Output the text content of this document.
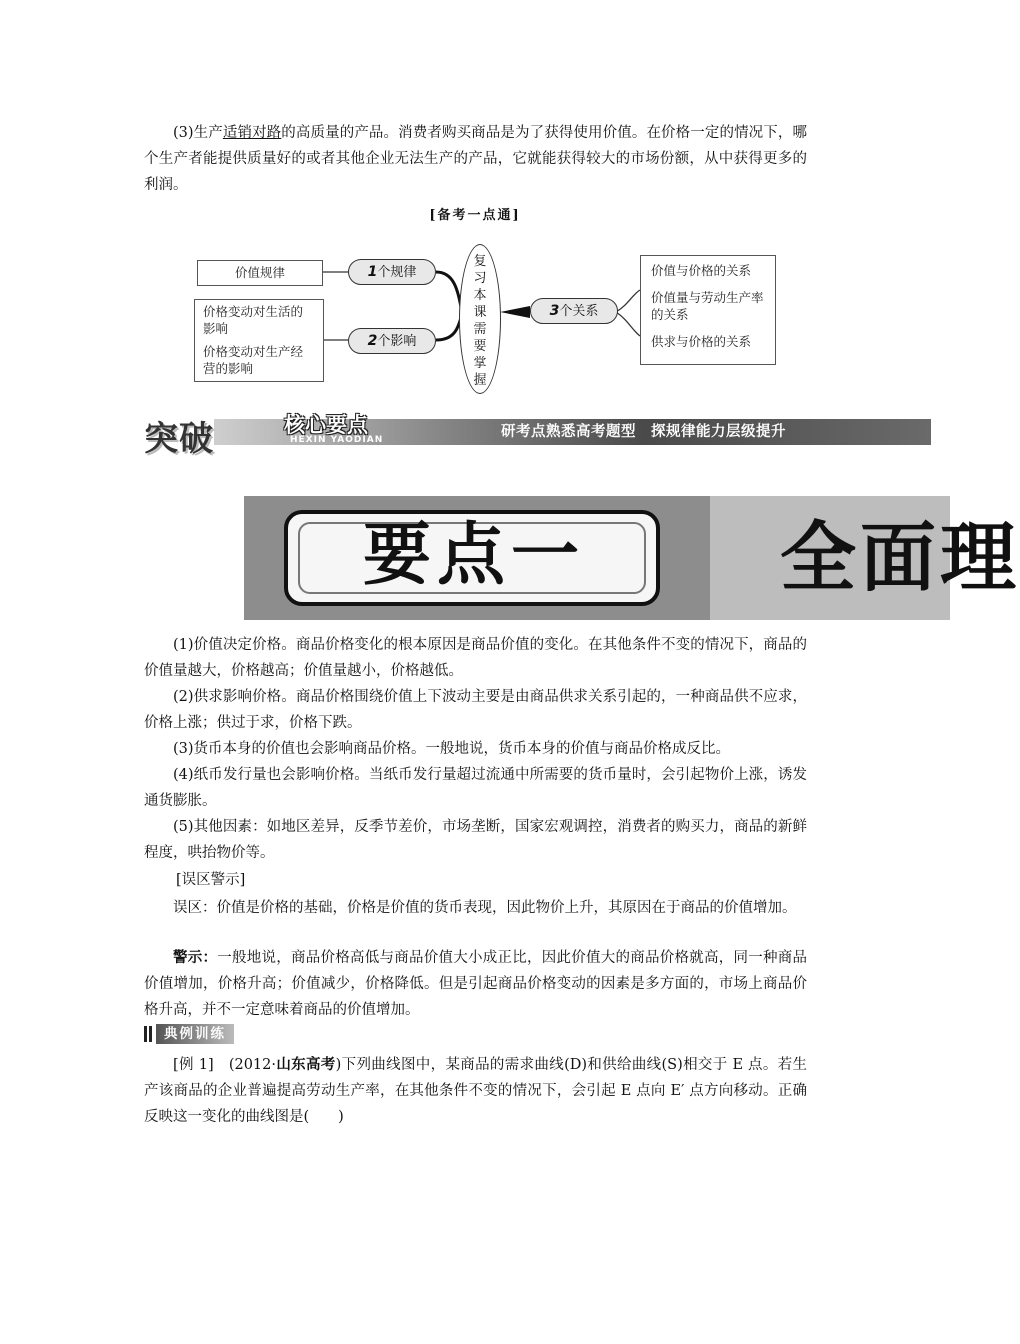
(3)生产适销对路的高质量的产品。消费者购买商品是为了获得使用价值。在价格一定的情况下，哪个生产者能提供质量好的或者其他企业无法生产的产品，它就能获得较大的市场份额，从中获得更多的利润。

[备考一点通]
价值规律
价格变动对生活的影响
价格变动对生产经营的影响
1个规律
2个影响
复习本课需要掌握
3个关系
价值与价格的关系
价值量与劳动生产率的关系
供求与价格的关系
突破	核心要点
HEXIN YAODIAN	研考点熟悉高考题型　探规律能力层级提升
要点一	全面理

(1)价值决定价格。商品价格变化的根本原因是商品价值的变化。在其他条件不变的情况下，商品的价值量越大，价格越高；价值量越小，价格越低。

(2)供求影响价格。商品价格围绕价值上下波动主要是由商品供求关系引起的，一种商品供不应求，价格上涨；供过于求，价格下跌。

(3)货币本身的价值也会影响商品价格。一般地说，货币本身的价值与商品价格成反比。

(4)纸币发行量也会影响价格。当纸币发行量超过流通中所需要的货币量时，会引起物价上涨，诱发通货膨胀。

(5)其他因素：如地区差异，反季节差价，市场垄断，国家宏观调控，消费者的购买力，商品的新鲜程度，哄抬物价等。

[误区警示]

误区：价值是价格的基础，价格是价值的货币表现，因此物价上升，其原因在于商品的价值增加。

警示：一般地说，商品价格高低与商品价值大小成正比，因此价值大的商品价格就高，同一种商品价值增加，价格升高；价值减少，价格降低。但是引起商品价格变动的因素是多方面的，市场上商品价格升高，并不一定意味着商品的价值增加。

典例训练

[例 1]　 (2012·山东高考)下列曲线图中，某商品的需求曲线(D)和供给曲线(S)相交于 E 点。若生产该商品的企业普遍提高劳动生产率，在其他条件不变的情况下，会引起 E 点向 E′ 点方向移动。正确反映这一变化的曲线图是(　　)
